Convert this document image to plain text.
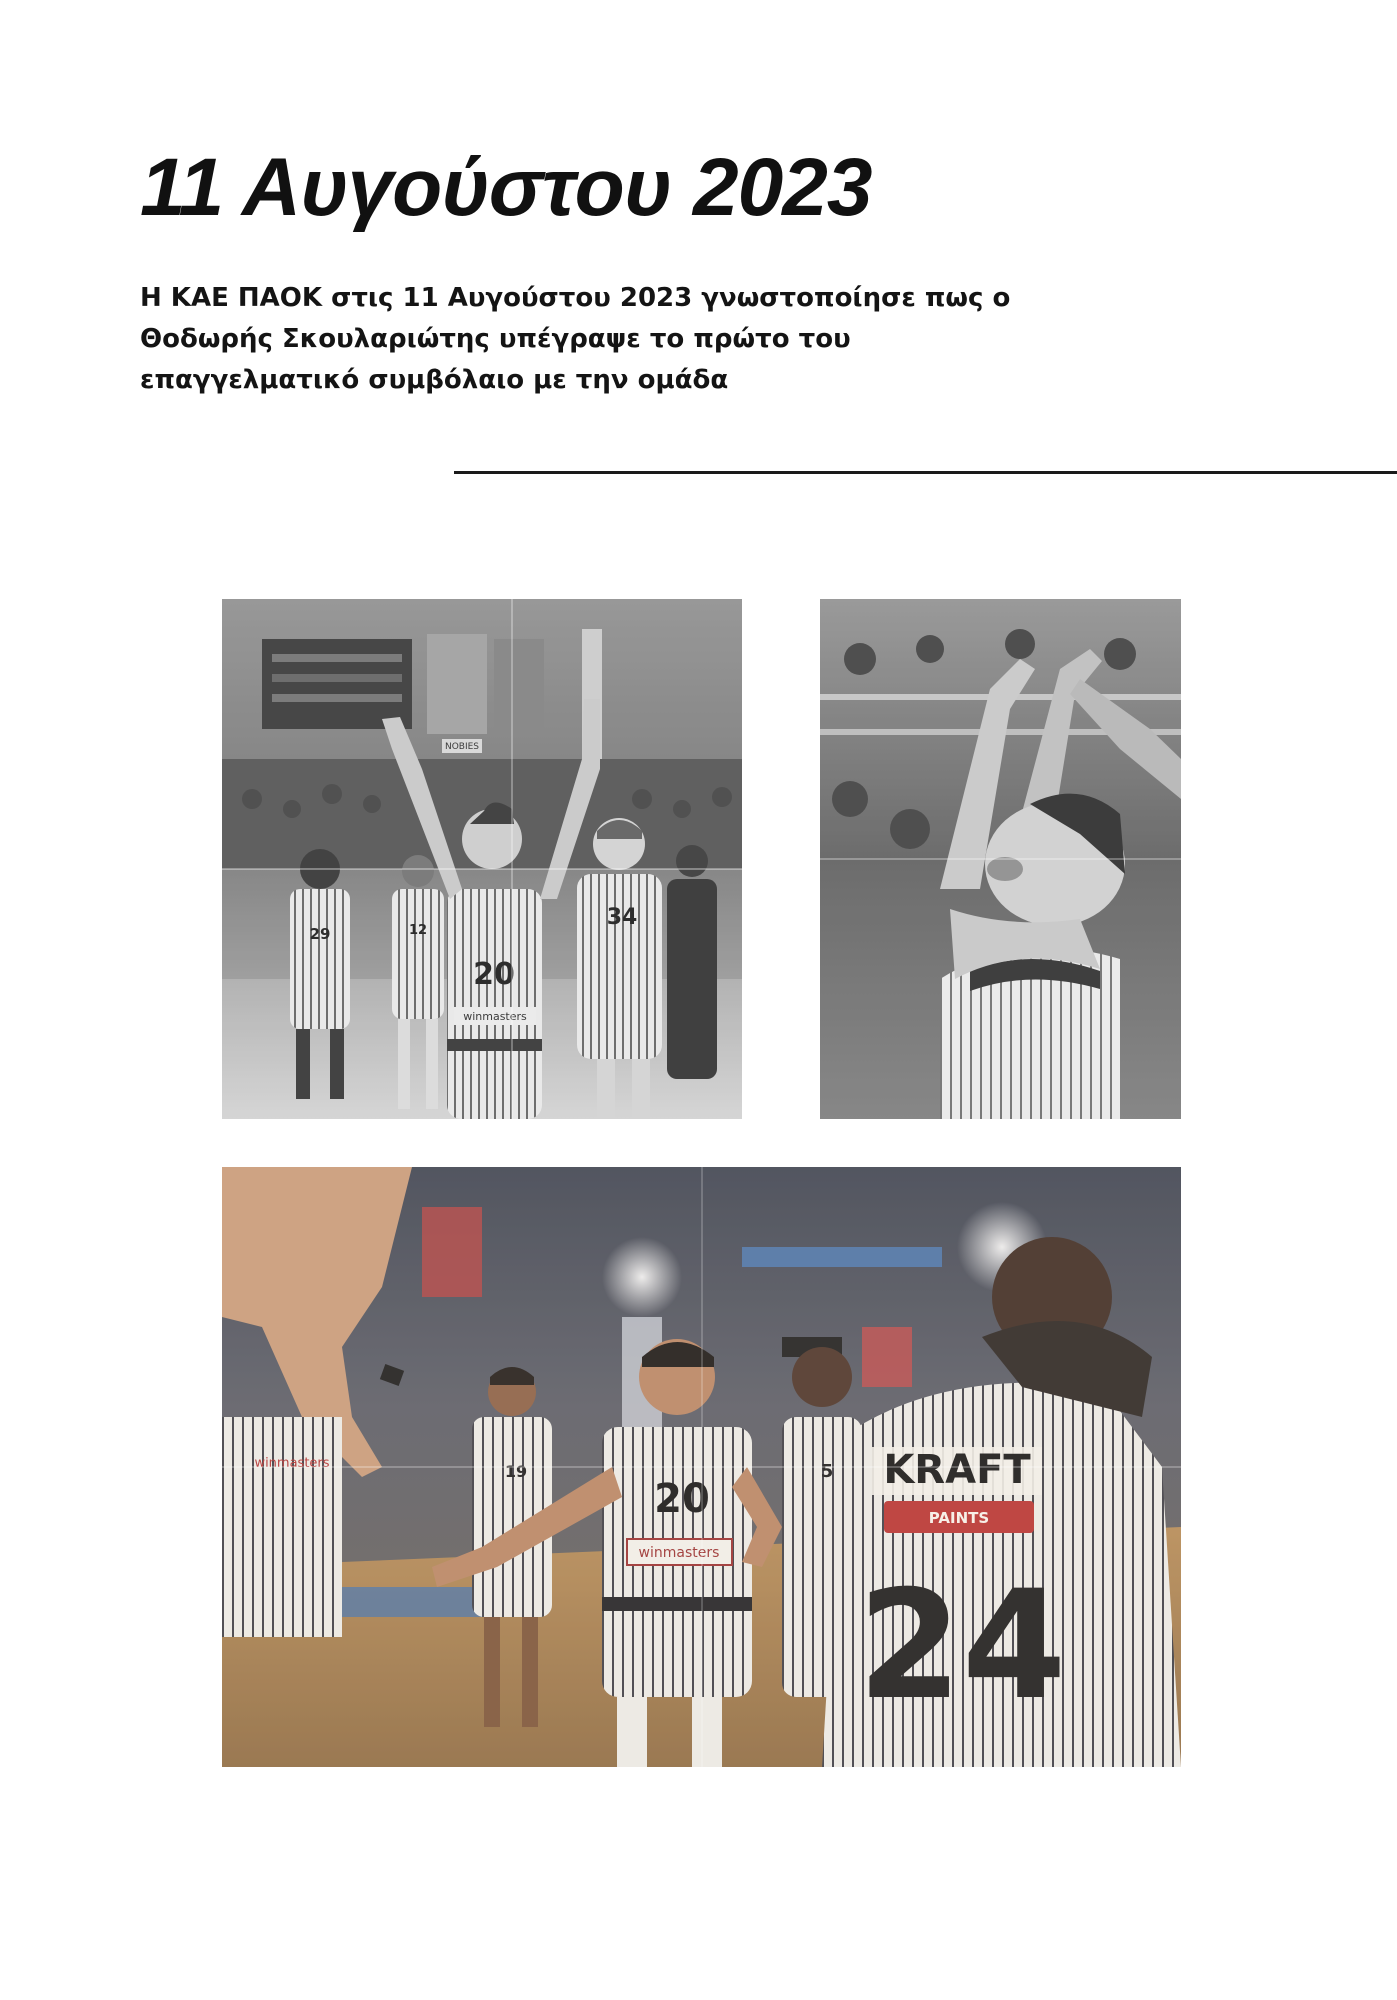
11 Αυγούστου 2023

Η ΚΑΕ ΠΑΟΚ στις 11 Αυγούστου 2023 γνωστοποίησε πως ο
Θοδωρής Σκουλαριώτης υπέγραψε το πρώτο του
επαγγελματικό συμβόλαιο με την ομάδα

NOBIES
29	12
20
winmasters
34
winmasters	19
20
winmasters
5 KRAFT
PAINTS
24
